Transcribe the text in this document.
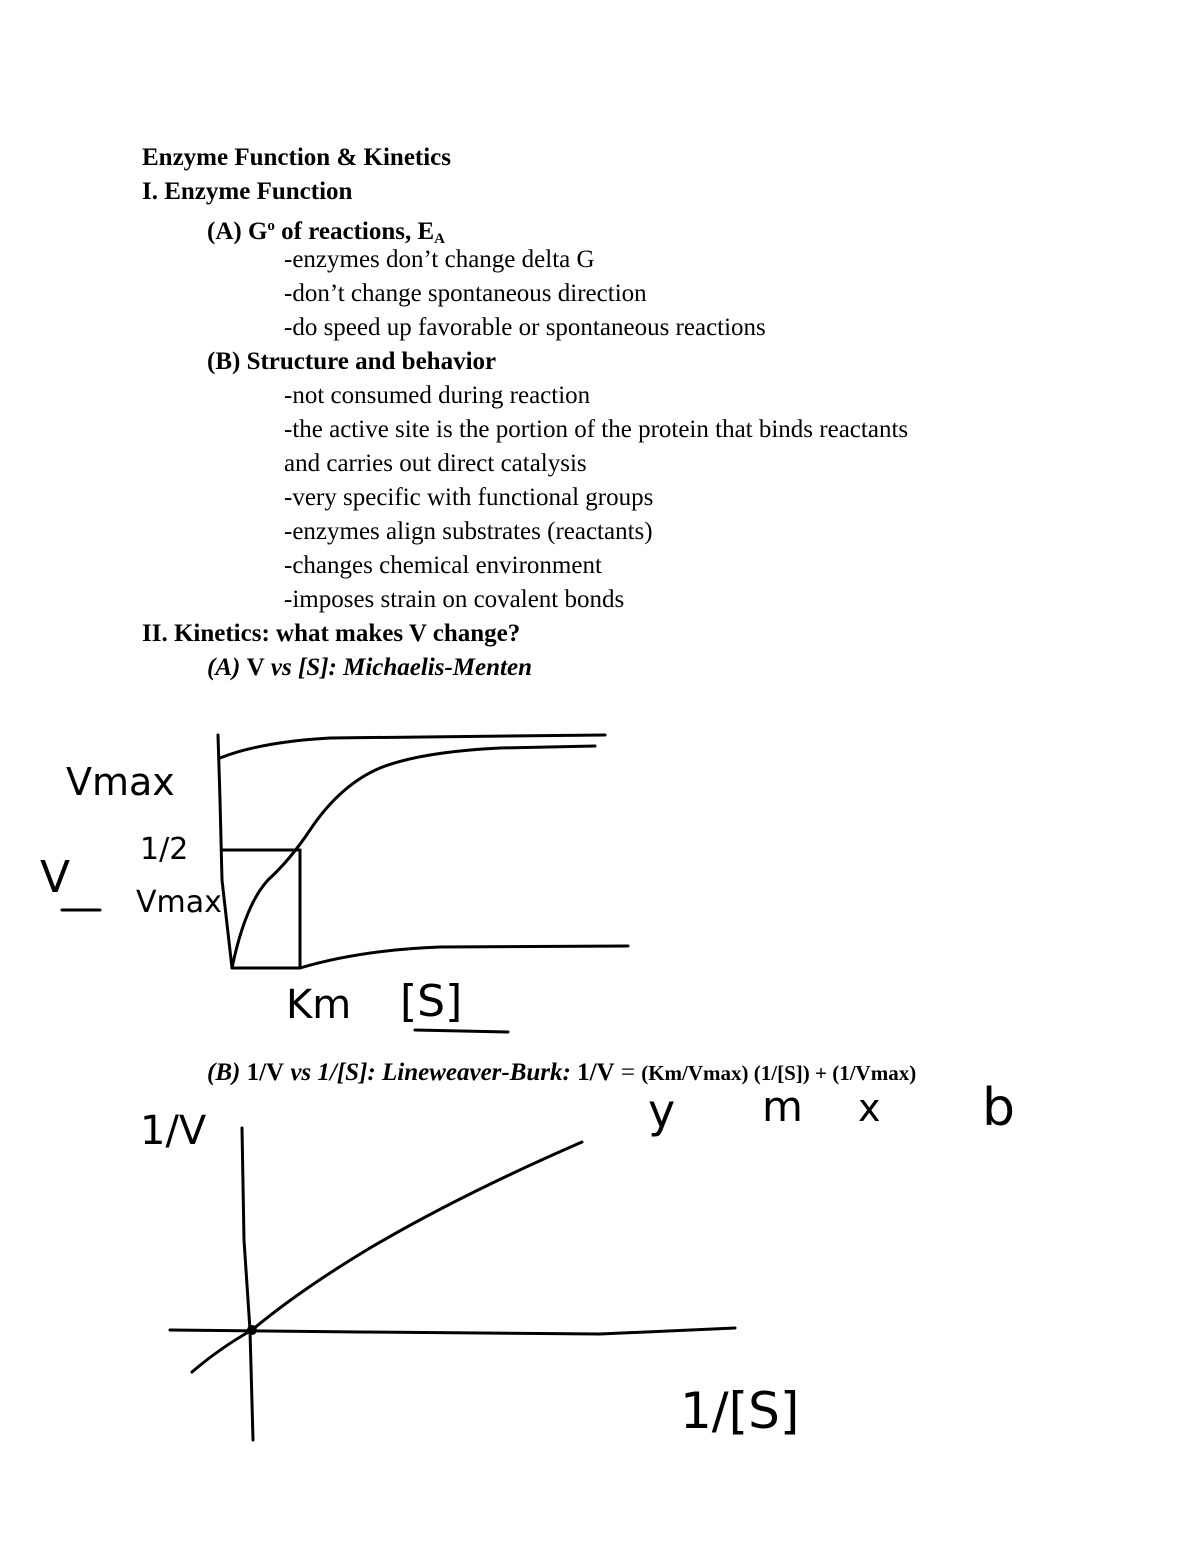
Enzyme Function & Kinetics
I. Enzyme Function
(A) $G^o$ of reactions, $E_A$
-enzymes don’t change delta G
-don’t change spontaneous direction
-do speed up favorable or spontaneous reactions
(B) Structure and behavior
-not consumed during reaction
-the active site is the portion of the protein that binds reactants
and carries out direct catalysis
-very specific with functional groups
-enzymes align substrates (reactants)
-changes chemical environment
-imposes strain on covalent bonds
II. Kinetics: what makes V change?
(A) V vs [S]: Michaelis-Menten
(B) 1/V vs 1/[S]: Lineweaver-Burk: 1/V = (Km/Vmax) (1/[S]) + (1/Vmax)
Vmax
1/2
V Vmax
Km [S]
1/V
1/[S]
y m x b
